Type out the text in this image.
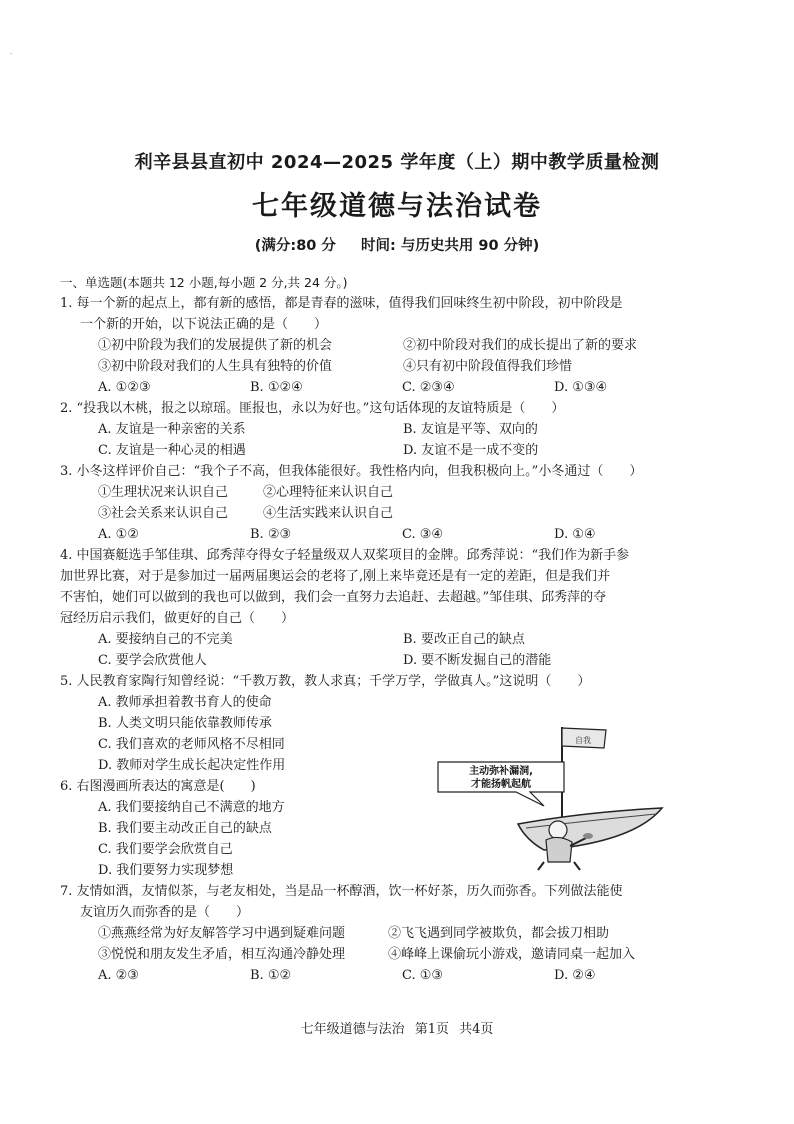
·
利辛县县直初中 2024—2025 学年度（上）期中教学质量检测
七年级道德与法治试卷
(满分:80 分 时间: 与历史共用 90 分钟)
一、单选题(本题共 12 小题,每小题 2 分,共 24 分。)
1. 每一个新的起点上，都有新的感悟，都是青春的滋味，值得我们回味终生初中阶段，初中阶段是
一个新的开始，以下说法正确的是（　　）
①初中阶段为我们的发展提供了新的机会	②初中阶段对我们的成长提出了新的要求
③初中阶段对我们的人生具有独特的价值	④只有初中阶段值得我们珍惜
A. ①②③	B. ①②④	C. ②③④	D. ①③④
2. “投我以木桃，报之以琼瑶。匪报也，永以为好也。”这句话体现的友谊特质是（　　）
A. 友谊是一种亲密的关系	B. 友谊是平等、双向的
C. 友谊是一种心灵的相遇	D. 友谊不是一成不变的
3. 小冬这样评价自己：“我个子不高，但我体能很好。我性格内向，但我积极向上。”小冬通过（　　）
①生理状况来认识自己	②心理特征来认识自己
③社会关系来认识自己	④生活实践来认识自己
A. ①②	B. ②③	C. ③④	D. ①④
4. 中国赛艇选手邹佳琪、邱秀萍夺得女子轻量级双人双桨项目的金牌。邱秀萍说：“我们作为新手参
加世界比赛，对于是参加过一届两届奥运会的老将了,刚上来毕竟还是有一定的差距，但是我们并
不害怕，她们可以做到的我也可以做到，我们会一直努力去追赶、去超越。”邹佳琪、邱秀萍的夺
冠经历启示我们，做更好的自己（　　）
A. 要接纳自己的不完美	B. 要改正自己的缺点
C. 要学会欣赏他人	D. 要不断发掘自己的潜能
5. 人民教育家陶行知曾经说：“千教万教，教人求真；千学万学，学做真人。”这说明（　　）
A. 教师承担着教书育人的使命
B. 人类文明只能依靠教师传承
C. 我们喜欢的老师风格不尽相同
D. 教师对学生成长起决定性作用
6. 右图漫画所表达的寓意是(　　)
A. 我们要接纳自己不满意的地方
B. 我们要主动改正自己的缺点
C. 我们要学会欣赏自己
D. 我们要努力实现梦想
7. 友情如酒，友情似茶，与老友相处，当是品一杯醇酒，饮一杯好茶，历久而弥香。下列做法能使
友谊历久而弥香的是（　　）
①燕燕经常为好友解答学习中遇到疑难问题	②飞飞遇到同学被欺负，都会拔刀相助
③悦悦和朋友发生矛盾，相互沟通冷静处理	④峰峰上课偷玩小游戏，邀请同桌一起加入
A. ②③	B. ①②	C. ①③	D. ②④
自我
主动弥补漏洞,
才能扬帆起航
七年级道德与法治 第1页 共4页
